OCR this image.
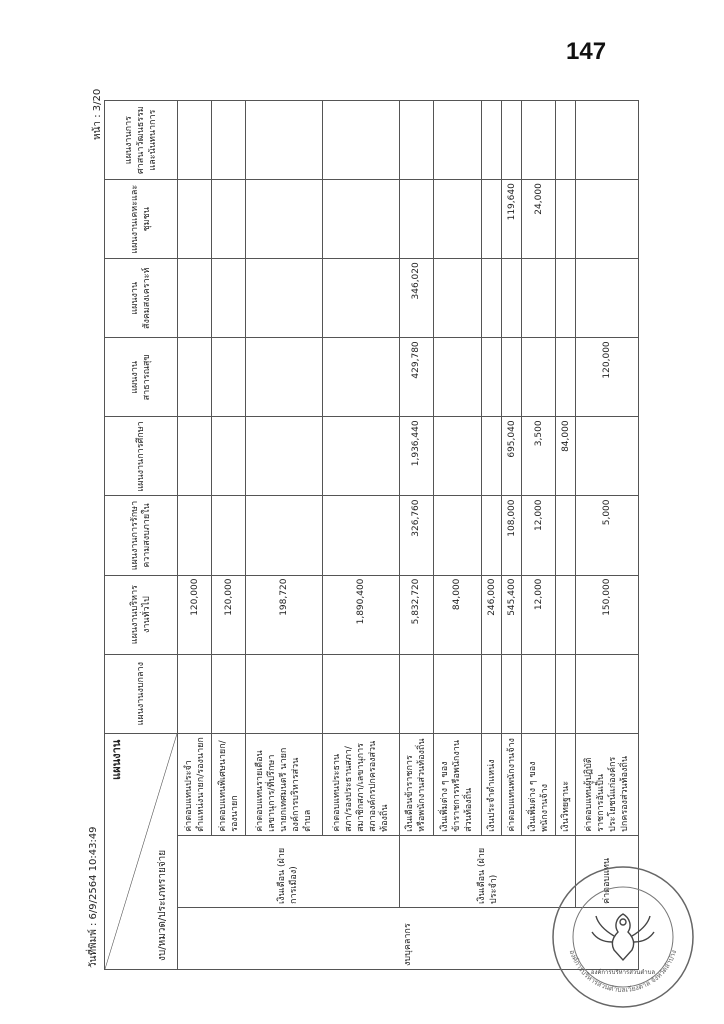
147
หน้า : 3/20
วันที่พิมพ์ : 6/9/2564 10:43:49
แผนงาน
งบ/หมวด/ประเภทรายจ่าย			แผนงานงบกลาง	แผนงานบริหารงานทั่วไป	แผนงานการรักษาความสงบภายใน	แผนงานการศึกษา	แผนงานสาธารณสุข	แผนงานสังคมสงเคราะห์	แผนงานเคหะและชุมชน	แผนงานการศาสนาวัฒนธรรม และนันทนาการ
งบบุคลากร	เงินเดือน (ฝ่ายการเมือง)	ค่าตอบแทนประจำตำแหน่งนายก/รองนายก		120,000						
		ค่าตอบแทนพิเศษนายก/รองนายก		120,000						
		ค่าตอบแทนรายเดือนเลขานุการ/ที่ปรึกษานายกเทศมนตรี นายกองค์การบริหารส่วนตำบล		198,720						
		ค่าตอบแทนประธานสภา/รองประธานสภา/สมาชิกสภา/เลขานุการสภาองค์กรปกครองส่วนท้องถิ่น		1,890,400						
	เงินเดือน (ฝ่ายประจำ)	เงินเดือนข้าราชการ หรือพนักงานส่วนท้องถิ่น		5,832,720	326,760	1,936,440	429,780	346,020		
		เงินเพิ่มต่าง ๆ ของข้าราชการหรือพนักงานส่วนท้องถิ่น		84,000						
		เงินประจำตำแหน่ง		246,000						
		ค่าตอบแทนพนักงานจ้าง		545,400	108,000	695,040			119,640	
		เงินเพิ่มต่าง ๆ ของพนักงานจ้าง		12,000	12,000	3,500			24,000	
		เงินวิทยฐานะ				84,000				
	ค่าตอบแทน	ค่าตอบแทนผู้ปฏิบัติราชการอันเป็นประโยชน์แก่องค์กรปกครองส่วนท้องถิ่น		150,000	5,000		120,000			
องค์การบริหารส่วนตำบล
องค์การบริหารส่วนตำบลเวียงตาล จังหวัดลำปาง
